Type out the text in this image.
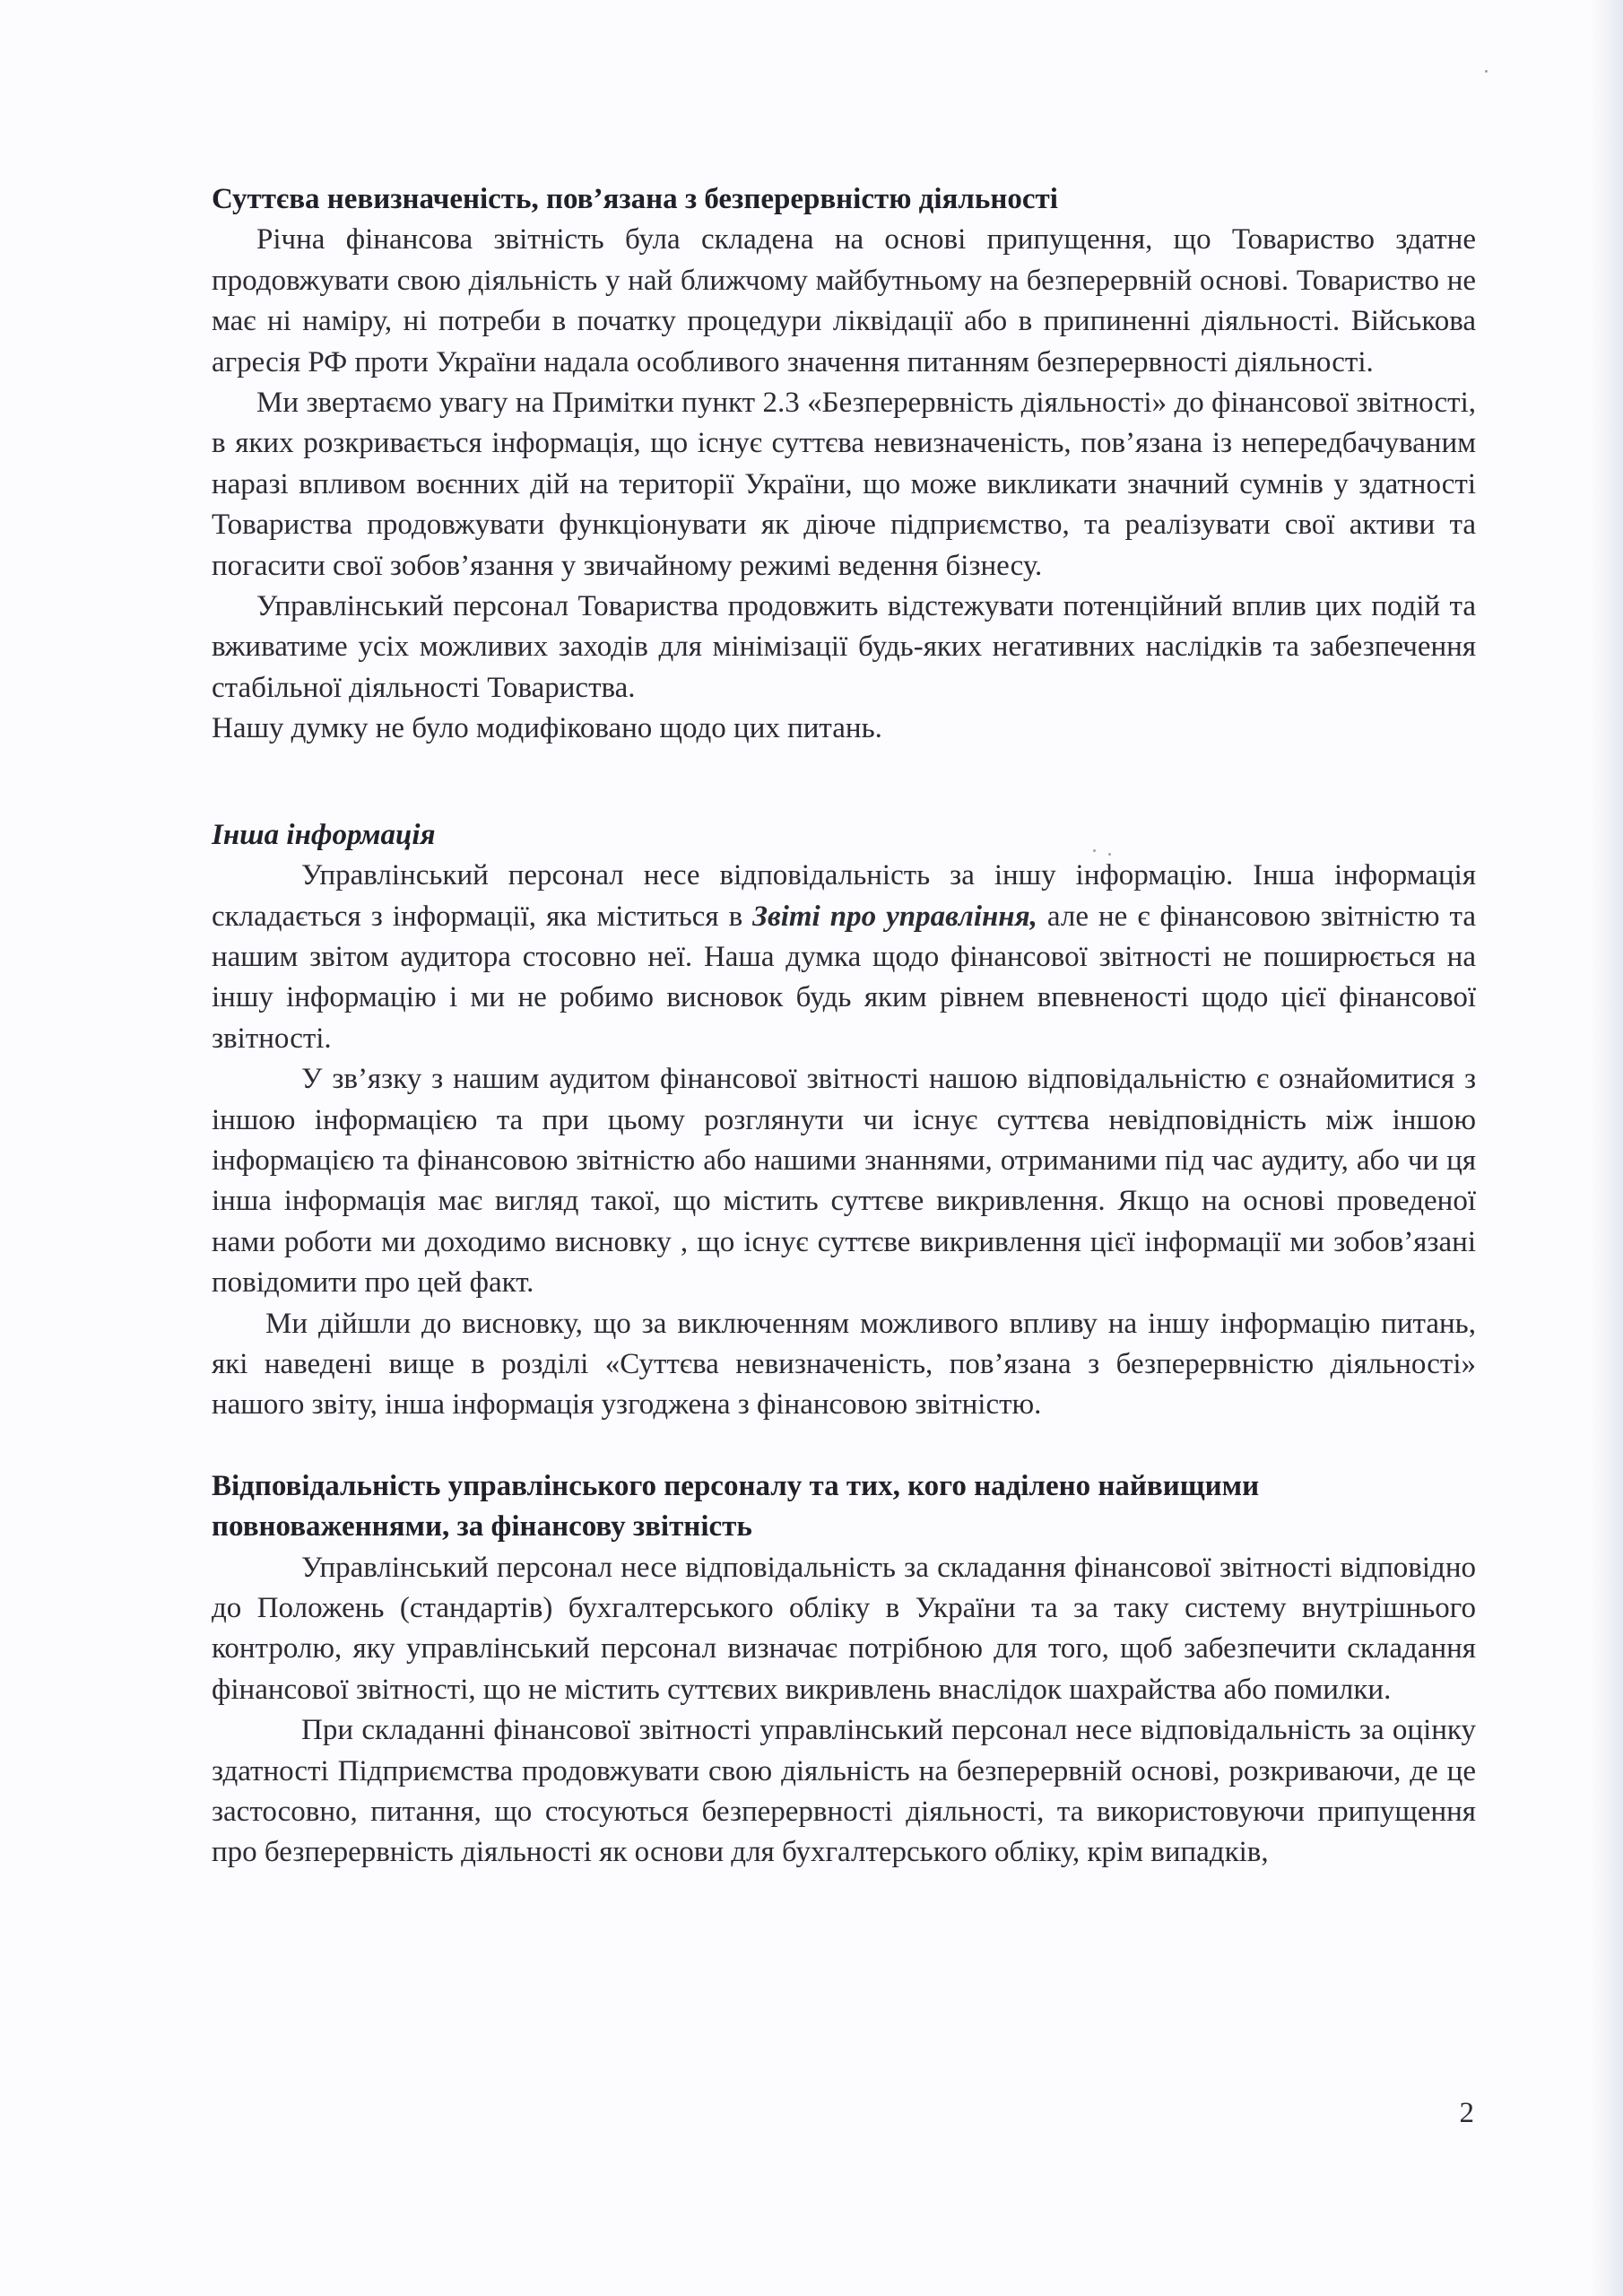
Суттєва невизначеність, пов’язана з безперервністю діяльності

Річна фінансова звітність була складена на основі припущення, що Товариство здатне продовжувати свою діяльність у най ближчому майбутньому на безперервній основі. Товариство не має ні наміру, ні потреби в початку процедури ліквідації або в припиненні діяльності. Військова агресія РФ проти України надала особливого значення питанням безперервності діяльності.

Ми звертаємо увагу на Примітки пункт 2.3 «Безперервність діяльності» до фінансової звітності, в яких розкривається інформація, що існує суттєва невизначеність, пов’язана із непередбачуваним наразі впливом воєнних дій на території України, що може викликати значний сумнів у здатності Товариства продовжувати функціонувати як діюче підприємство, та реалізувати свої активи та погасити свої зобов’язання у звичайному режимі ведення бізнесу.

Управлінський персонал Товариства продовжить відстежувати потенційний вплив цих подій та вживатиме усіх можливих заходів для мінімізації будь-яких негативних наслідків та забезпечення стабільної діяльності Товариства.

Нашу думку не було модифіковано щодо цих питань.

Інша інформація

Управлінський персонал несе відповідальність за іншу інформацію. Інша інформація складається з інформації, яка міститься в Звіті про управління, але не є фінансовою звітністю та нашим звітом аудитора стосовно неї. Наша думка щодо фінансової звітності не поширюється на іншу інформацію і ми не робимо висновок будь яким рівнем впевненості щодо цієї фінансової звітності.

У зв’язку з нашим аудитом фінансової звітності нашою відповідальністю є ознайомитися з іншою інформацією та при цьому розглянути чи існує суттєва невідповідність між іншою інформацією та фінансовою звітністю або нашими знаннями, отриманими під час аудиту, або чи ця інша інформація має вигляд такої, що містить суттєве викривлення. Якщо на основі проведеної нами роботи ми доходимо висновку , що існує суттєве викривлення цієї інформації ми зобов’язані повідомити про цей факт.

Ми дійшли до висновку, що за виключенням можливого впливу на іншу інформацію питань, які наведені вище в розділі «Суттєва невизначеність, пов’язана з безперервністю діяльності» нашого звіту, інша інформація узгоджена з фінансовою звітністю.

Відповідальність управлінського персоналу та тих, кого наділено найвищими повноваженнями, за фінансову звітність

Управлінський персонал несе відповідальність за складання фінансової звітності відповідно до Положень (стандартів) бухгалтерського обліку в України та за таку систему внутрішнього контролю, яку управлінський персонал визначає потрібною для того, щоб забезпечити складання фінансової звітності, що не містить суттєвих викривлень внаслідок шахрайства або помилки.

При складанні фінансової звітності управлінський персонал несе відповідальність за оцінку здатності Підприємства продовжувати свою діяльність на безперервній основі, розкриваючи, де це застосовно, питання, що стосуються безперервності діяльності, та використовуючи припущення про безперервність діяльності як основи для бухгалтерського обліку, крім випадків,

2
